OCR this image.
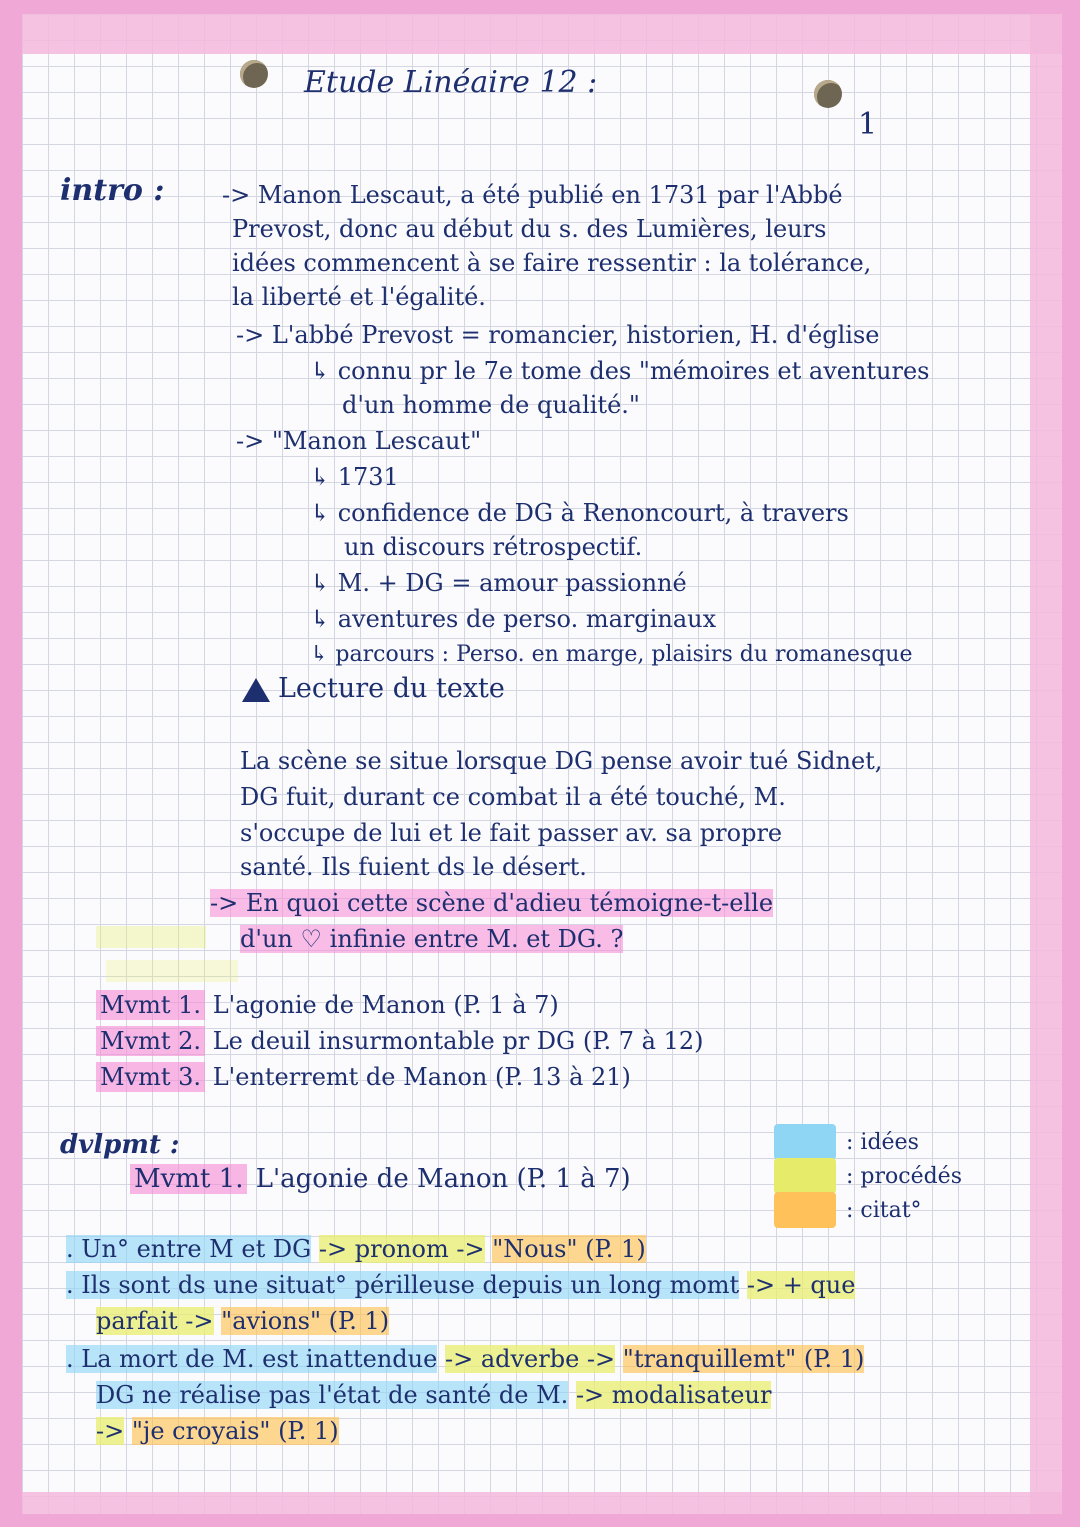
Etude Linéaire 12 :
1
intro : -> Manon Lescaut, a été publié en 1731 par l'Abbé
Prevost, donc au début du s. des Lumières, leurs
idées commencent à se faire ressentir : la tolérance,
la liberté et l'égalité.
-> L'abbé Prevost = romancier, historien, H. d'église
↳ connu pr le 7e tome des "mémoires et aventures
d'un homme de qualité."
-> "Manon Lescaut"
↳ 1731
↳ confidence de DG à Renoncourt, à travers
un discours rétrospectif.
↳ M. + DG = amour passionné
↳ aventures de perso. marginaux
↳ parcours : Perso. en marge, plaisirs du romanesque
Lecture du texte
La scène se situe lorsque DG pense avoir tué Sidnet,
DG fuit, durant ce combat il a été touché, M.
s'occupe de lui et le fait passer av. sa propre
santé. Ils fuient ds le désert.
-> En quoi cette scène d'adieu témoigne-t-elle
d'un ♡ infinie entre M. et DG. ?
Mvmt 1. L'agonie de Manon (P. 1 à 7)
Mvmt 2. Le deuil insurmontable pr DG (P. 7 à 12)
Mvmt 3. L'enterremt de Manon (P. 13 à 21)
dvlpmt :
Mvmt 1. L'agonie de Manon (P. 1 à 7)
: idées
: procédés
: citat°
. Un° entre M et DG -> pronom -> "Nous" (P. 1)
. Ils sont ds une situat° périlleuse depuis un long momt -> + que
parfait -> "avions" (P. 1)
. La mort de M. est inattendue -> adverbe -> "tranquillemt" (P. 1)
DG ne réalise pas l'état de santé de M. -> modalisateur
-> "je croyais" (P. 1)
